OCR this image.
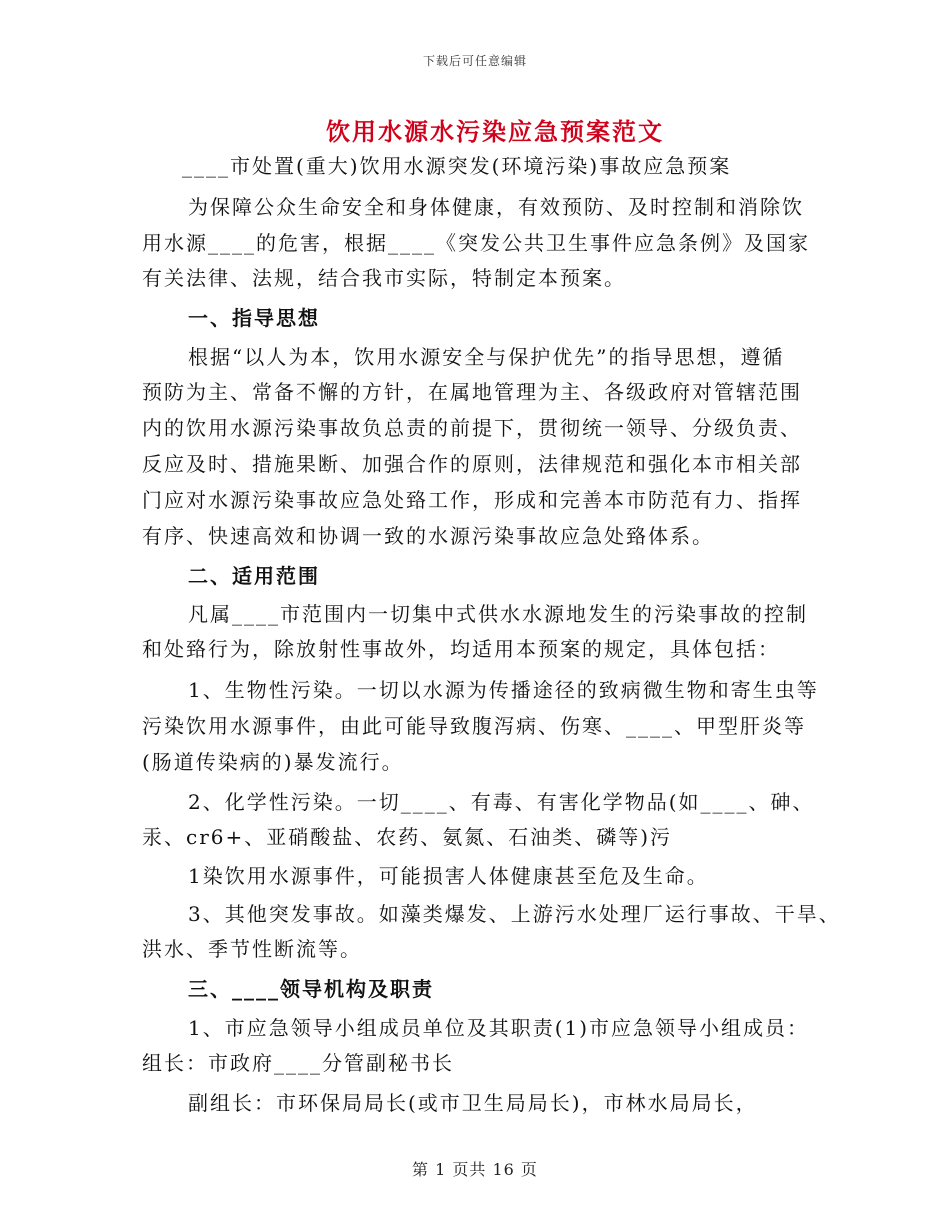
下载后可任意编辑
饮用水源水污染应急预案范文
____市处置(重大)饮用水源突发(环境污染)事故应急预案
为保障公众生命安全和身体健康，有效预防、及时控制和消除饮
用水源____的危害，根据____《突发公共卫生事件应急条例》及国家
有关法律、法规，结合我市实际，特制定本预案。
一、指导思想
根据“以人为本，饮用水源安全与保护优先”的指导思想，遵循
预防为主、常备不懈的方针，在属地管理为主、各级政府对管辖范围
内的饮用水源污染事故负总责的前提下，贯彻统一领导、分级负责、
反应及时、措施果断、加强合作的原则，法律规范和强化本市相关部
门应对水源污染事故应急处臵工作，形成和完善本市防范有力、指挥
有序、快速高效和协调一致的水源污染事故应急处臵体系。
二、适用范围
凡属____市范围内一切集中式供水水源地发生的污染事故的控制
和处臵行为，除放射性事故外，均适用本预案的规定，具体包括：
1、生物性污染。一切以水源为传播途径的致病微生物和寄生虫等
污染饮用水源事件，由此可能导致腹泻病、伤寒、____、甲型肝炎等
(肠道传染病的)暴发流行。
2、化学性污染。一切____、有毒、有害化学物品(如____、砷、
汞、cr6+、亚硝酸盐、农药、氨氮、石油类、磷等)污
1染饮用水源事件，可能损害人体健康甚至危及生命。
3、其他突发事故。如藻类爆发、上游污水处理厂运行事故、干旱、
洪水、季节性断流等。
三、____领导机构及职责
1、市应急领导小组成员单位及其职责(1)市应急领导小组成员：
组长：市政府____分管副秘书长
副组长：市环保局局长(或市卫生局局长)，市林水局局长，
第 1 页共 16 页
